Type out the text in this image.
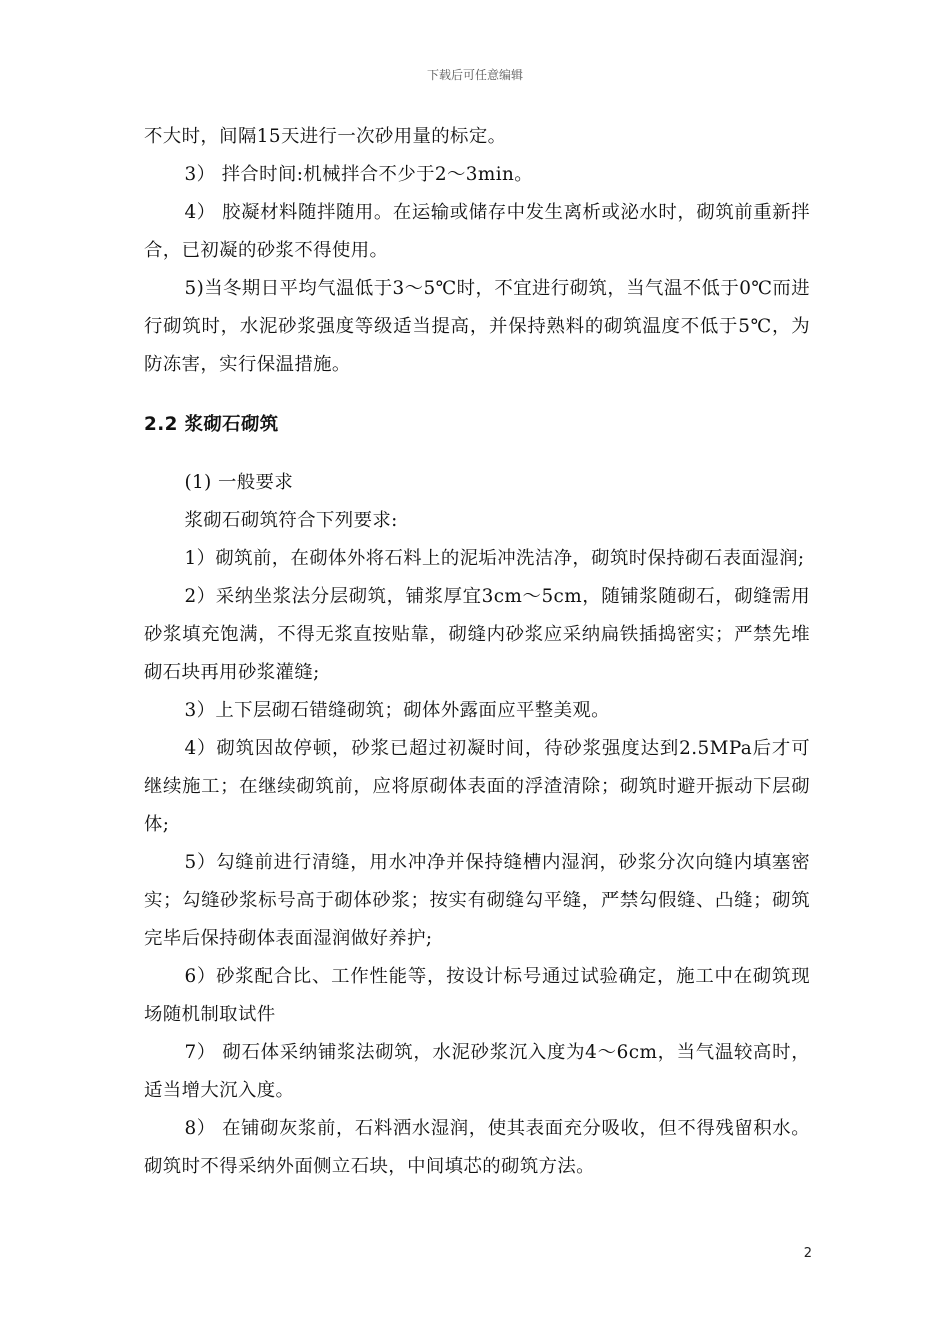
下载后可任意编辑

不大时，间隔15天进行一次砂用量的标定。

3） 拌合时间:机械拌合不少于2～3min。

4） 胶凝材料随拌随用。在运输或储存中发生离析或泌水时，砌筑前重新拌合，已初凝的砂浆不得使用。

5)当冬期日平均气温低于3～5℃时，不宜进行砌筑，当气温不低于0℃而进行砌筑时，水泥砂浆强度等级适当提高，并保持熟料的砌筑温度不低于5℃，为防冻害，实行保温措施。

2.2 浆砌石砌筑

(1) 一般要求

浆砌石砌筑符合下列要求:

1）砌筑前，在砌体外将石料上的泥垢冲洗洁净，砌筑时保持砌石表面湿润;

2）采纳坐浆法分层砌筑，铺浆厚宜3cm～5cm，随铺浆随砌石，砌缝需用砂浆填充饱满，不得无浆直按贴靠，砌缝内砂浆应采纳扁铁插捣密实；严禁先堆砌石块再用砂浆灌缝;

3）上下层砌石错缝砌筑；砌体外露面应平整美观。

4）砌筑因故停顿，砂浆已超过初凝时间，待砂浆强度达到2.5MPa后才可继续施工；在继续砌筑前，应将原砌体表面的浮渣清除；砌筑时避开振动下层砌体;

5）勾缝前进行清缝，用水冲净并保持缝槽内湿润，砂浆分次向缝内填塞密实；勾缝砂浆标号高于砌体砂浆；按实有砌缝勾平缝，严禁勾假缝、凸缝；砌筑完毕后保持砌体表面湿润做好养护;

6）砂浆配合比、工作性能等，按设计标号通过试验确定，施工中在砌筑现场随机制取试件

7） 砌石体采纳铺浆法砌筑，水泥砂浆沉入度为4～6cm，当气温较高时，适当增大沉入度。

8） 在铺砌灰浆前，石料洒水湿润，使其表面充分吸收，但不得残留积水。砌筑时不得采纳外面侧立石块，中间填芯的砌筑方法。

2
